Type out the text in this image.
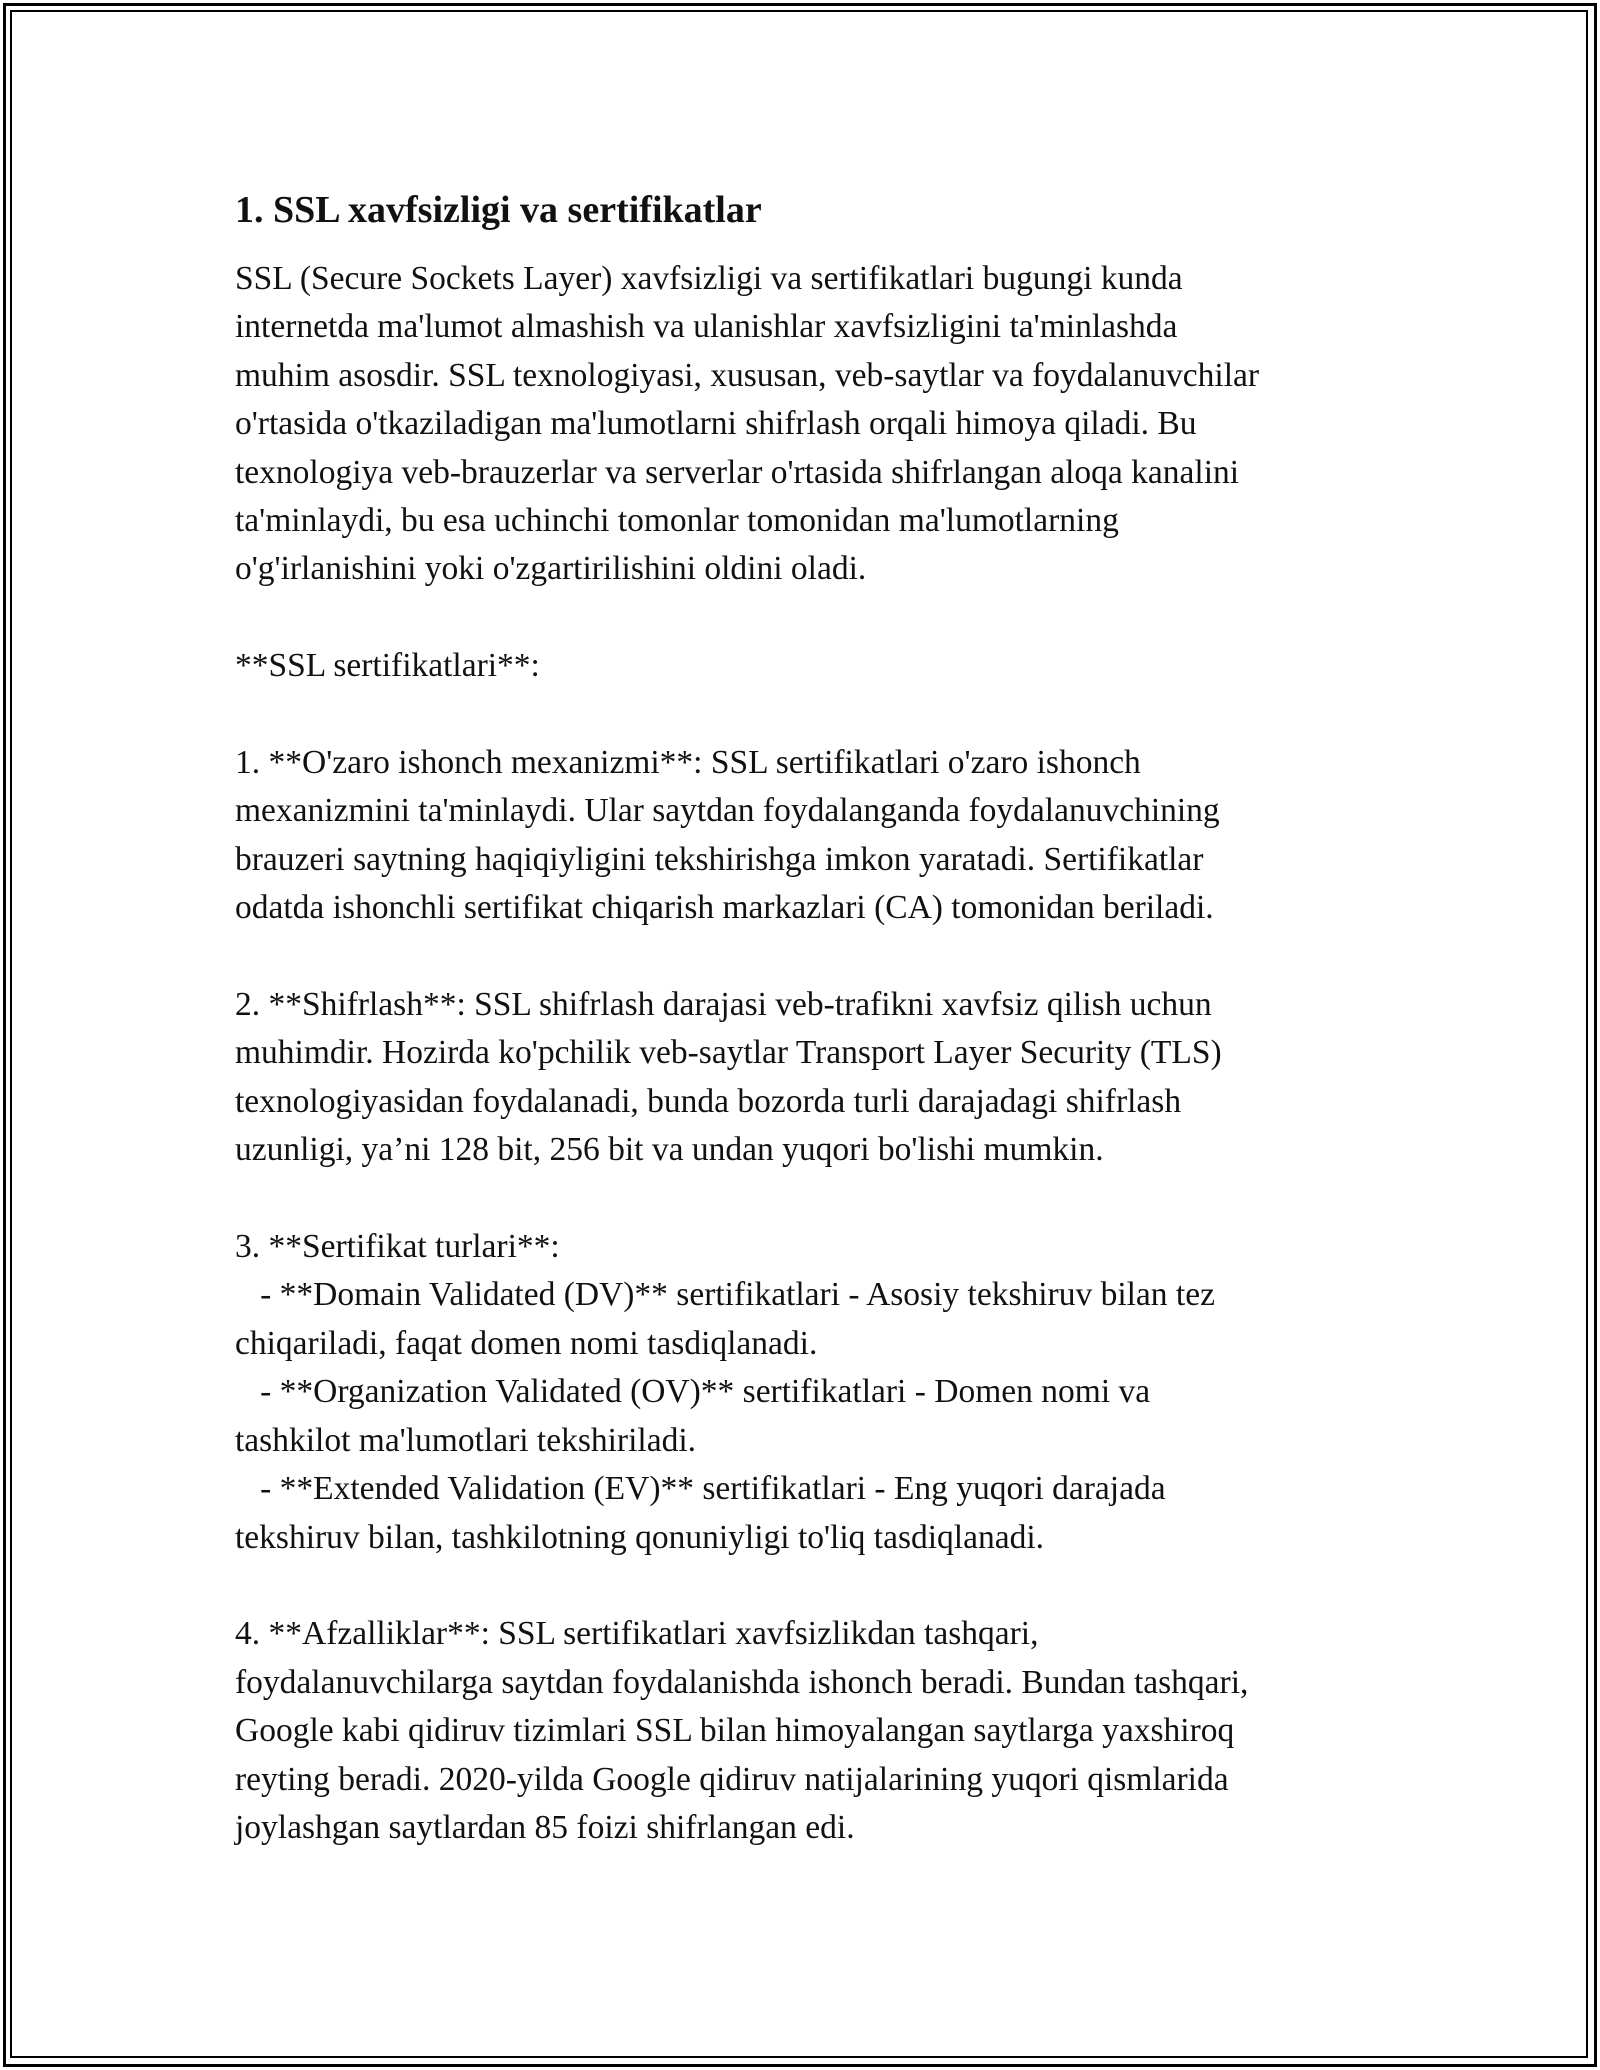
1. SSL xavfsizligi va sertifikatlar
SSL (Secure Sockets Layer) xavfsizligi va sertifikatlari bugungi kunda
internetda ma'lumot almashish va ulanishlar xavfsizligini ta'minlashda
muhim asosdir. SSL texnologiyasi, xususan, veb-saytlar va foydalanuvchilar
o'rtasida o'tkaziladigan ma'lumotlarni shifrlash orqali himoya qiladi. Bu
texnologiya veb-brauzerlar va serverlar o'rtasida shifrlangan aloqa kanalini
ta'minlaydi, bu esa uchinchi tomonlar tomonidan ma'lumotlarning
o'g'irlanishini yoki o'zgartirilishini oldini oladi.
**SSL sertifikatlari**:
1. **O'zaro ishonch mexanizmi**: SSL sertifikatlari o'zaro ishonch
mexanizmini ta'minlaydi. Ular saytdan foydalanganda foydalanuvchining
brauzeri saytning haqiqiyligini tekshirishga imkon yaratadi. Sertifikatlar
odatda ishonchli sertifikat chiqarish markazlari (CA) tomonidan beriladi.
2. **Shifrlash**: SSL shifrlash darajasi veb-trafikni xavfsiz qilish uchun
muhimdir. Hozirda ko'pchilik veb-saytlar Transport Layer Security (TLS)
texnologiyasidan foydalanadi, bunda bozorda turli darajadagi shifrlash
uzunligi, ya’ni 128 bit, 256 bit va undan yuqori bo'lishi mumkin.
3. **Sertifikat turlari**:
- **Domain Validated (DV)** sertifikatlari - Asosiy tekshiruv bilan tez
chiqariladi, faqat domen nomi tasdiqlanadi.
- **Organization Validated (OV)** sertifikatlari - Domen nomi va
tashkilot ma'lumotlari tekshiriladi.
- **Extended Validation (EV)** sertifikatlari - Eng yuqori darajada
tekshiruv bilan, tashkilotning qonuniyligi to'liq tasdiqlanadi.
4. **Afzalliklar**: SSL sertifikatlari xavfsizlikdan tashqari,
foydalanuvchilarga saytdan foydalanishda ishonch beradi. Bundan tashqari,
Google kabi qidiruv tizimlari SSL bilan himoyalangan saytlarga yaxshiroq
reyting beradi. 2020-yilda Google qidiruv natijalarining yuqori qismlarida
joylashgan saytlardan 85 foizi shifrlangan edi.
